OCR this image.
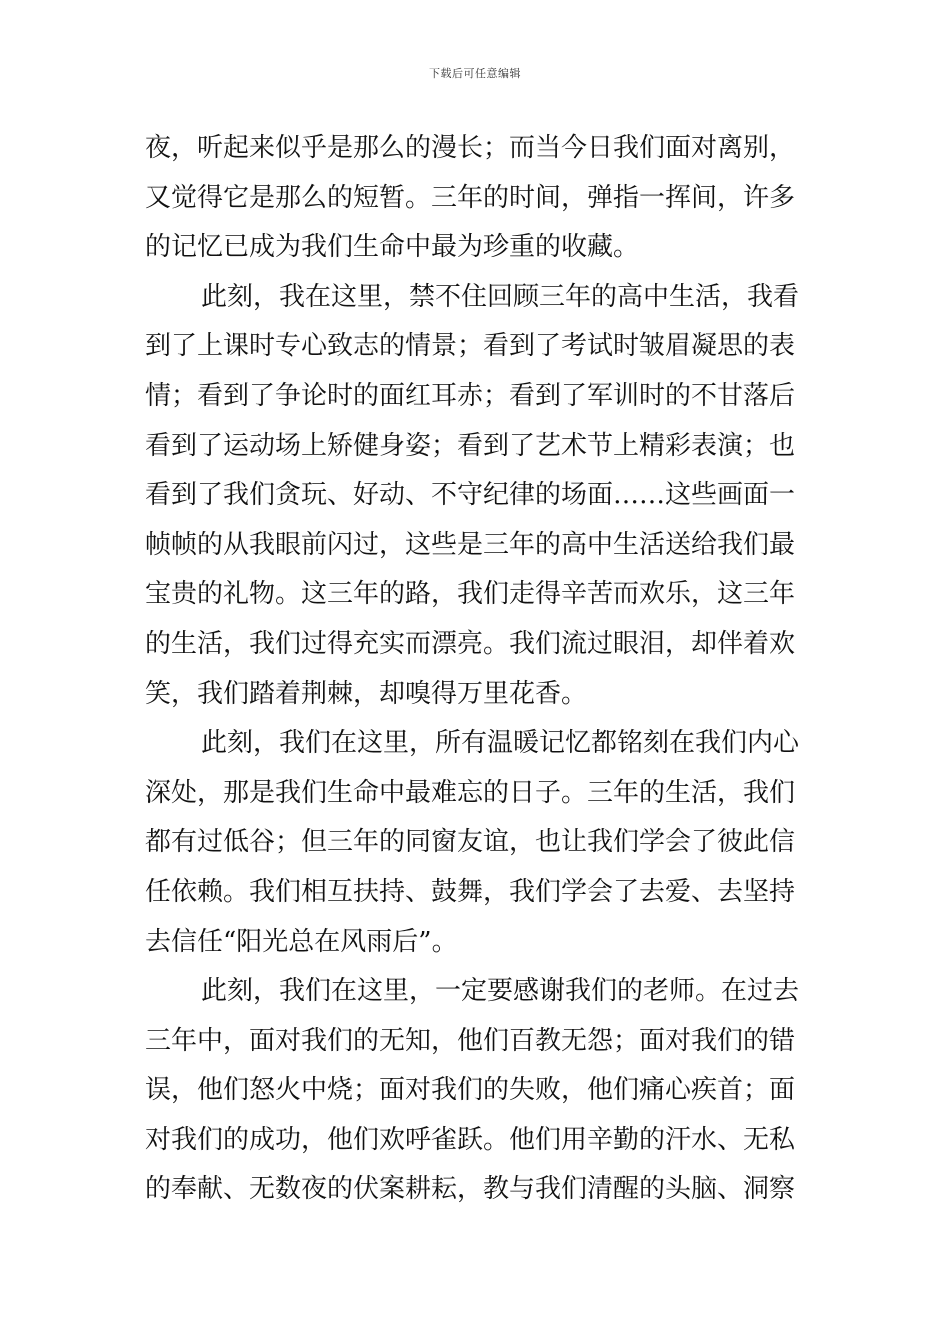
下载后可任意编辑
夜，听起来似乎是那么的漫长；而当今日我们面对离别，
又觉得它是那么的短暂。三年的时间，弹指一挥间，许多
的记忆已成为我们生命中最为珍重的收藏。
此刻，我在这里，禁不住回顾三年的高中生活，我看
到了上课时专心致志的情景；看到了考试时皱眉凝思的表
情；看到了争论时的面红耳赤；看到了军训时的不甘落后
看到了运动场上矫健身姿；看到了艺术节上精彩表演；也
看到了我们贪玩、好动、不守纪律的场面……这些画面一
帧帧的从我眼前闪过，这些是三年的高中生活送给我们最
宝贵的礼物。这三年的路，我们走得辛苦而欢乐，这三年
的生活，我们过得充实而漂亮。我们流过眼泪，却伴着欢
笑，我们踏着荆棘，却嗅得万里花香。
此刻，我们在这里，所有温暖记忆都铭刻在我们内心
深处，那是我们生命中最难忘的日子。三年的生活，我们
都有过低谷；但三年的同窗友谊，也让我们学会了彼此信
任依赖。我们相互扶持、鼓舞，我们学会了去爱、去坚持
去信任“阳光总在风雨后”。
此刻，我们在这里，一定要感谢我们的老师。在过去
三年中，面对我们的无知，他们百教无怨；面对我们的错
误，他们怒火中烧；面对我们的失败，他们痛心疾首；面
对我们的成功，他们欢呼雀跃。他们用辛勤的汗水、无私
的奉献、无数夜的伏案耕耘，教与我们清醒的头脑、洞察
